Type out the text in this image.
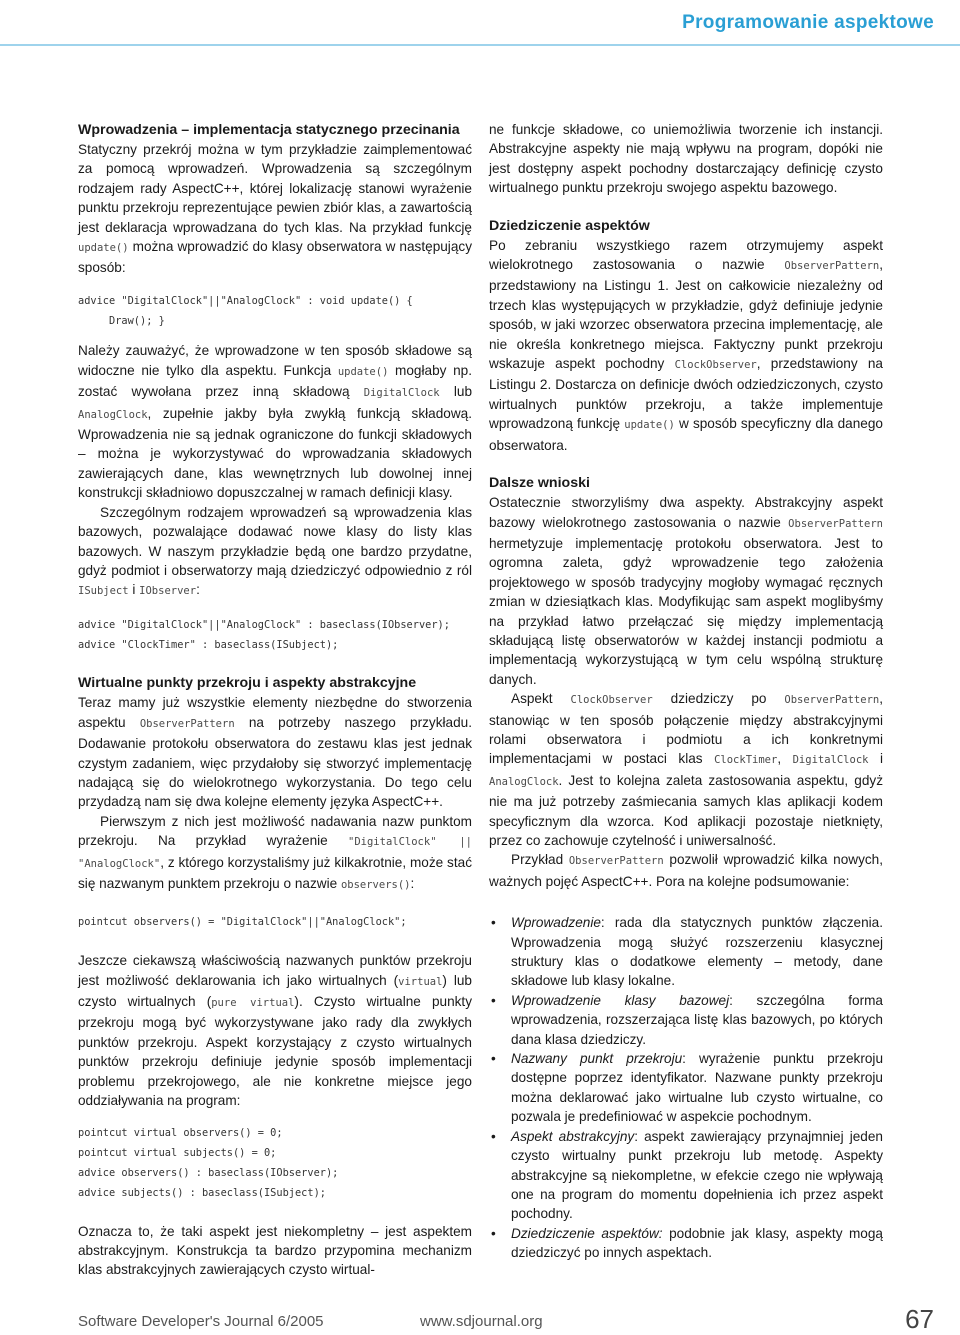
Programowanie aspektowe
Wprowadzenia – implementacja statycznego przecinania

Statyczny przekrój można w tym przykładzie zaimplementować za pomocą wprowadzeń. Wprowadzenia są szczególnym rodzajem rady AspectC++, której lokalizację stanowi wyrażenie punktu przekroju reprezentujące pewien zbiór klas, a zawartością jest deklaracja wprowadzana do tych klas. Na przykład funkcję update() można wprowadzić do klasy obserwatora w następujący sposób:

advice "DigitalClock"||"AnalogClock" : void update() {
Draw(); }

Należy zauważyć, że wprowadzone w ten sposób składowe są widoczne nie tylko dla aspektu. Funkcja update() mogłaby np. zostać wywołana przez inną składową DigitalClock lub AnalogClock, zupełnie jakby była zwykłą funkcją składową. Wprowadzenia nie są jednak ograniczone do funkcji składowych – można je wykorzystywać do wprowadzania składowych zawierających dane, klas wewnętrznych lub dowolnej innej konstrukcji składniowo dopuszczalnej w ramach definicji klasy.

Szczególnym rodzajem wprowadzeń są wprowadzenia klas bazowych, pozwalające dodawać nowe klasy do listy klas bazowych. W naszym przykładzie będą one bardzo przydatne, gdyż podmiot i obserwatorzy mają dziedziczyć odpowiednio z ról ISubject i IObserver:

advice "DigitalClock"||"AnalogClock" : baseclass(IObserver);
advice "ClockTimer" : baseclass(ISubject);
Wirtualne punkty przekroju i aspekty abstrakcyjne

Teraz mamy już wszystkie elementy niezbędne do stworzenia aspektu ObserverPattern na potrzeby naszego przykładu. Dodawanie protokołu obserwatora do zestawu klas jest jednak czystym zadaniem, więc przydałoby się stworzyć implementację nadającą się do wielokrotnego wykorzystania. Do tego celu przydadzą nam się dwa kolejne elementy języka AspectC++.

Pierwszym z nich jest możliwość nadawania nazw punktom przekroju. Na przykład wyrażenie "DigitalClock" || "AnalogClock", z którego korzystaliśmy już kilkakrotnie, może stać się nazwanym punktem przekroju o nazwie observers():

pointcut observers() = "DigitalClock"||"AnalogClock";

Jeszcze ciekawszą właściwością nazwanych punktów przekroju jest możliwość deklarowania ich jako wirtualnych (virtual) lub czysto wirtualnych (pure virtual). Czysto wirtualne punkty przekroju mogą być wykorzystywane jako rady dla zwykłych punktów przekroju. Aspekt korzystający z czysto wirtualnych punktów przekroju definiuje jedynie sposób implementacji problemu przekrojowego, ale nie konkretne miejsce jego oddziaływania na program:

pointcut virtual observers() = 0;
pointcut virtual subjects() = 0;
advice observers() : baseclass(IObserver);
advice subjects() : baseclass(ISubject);

Oznacza to, że taki aspekt jest niekompletny – jest aspektem abstrakcyjnym. Konstrukcja ta bardzo przypomina mechanizm klas abstrakcyjnych zawierających czysto wirtual-

ne funkcje składowe, co uniemożliwia tworzenie ich instancji. Abstrakcyjne aspekty nie mają wpływu na program, dopóki nie jest dostępny aspekt pochodny dostarczający definicję czysto wirtualnego punktu przekroju swojego aspektu bazowego.

Dziedziczenie aspektów

Po zebraniu wszystkiego razem otrzymujemy aspekt wielokrotnego zastosowania o nazwie ObserverPattern, przedstawiony na Listingu 1. Jest on całkowicie niezależny od trzech klas występujących w przykładzie, gdyż definiuje jedynie sposób, w jaki wzorzec obserwatora przecina implementację, ale nie określa konkretnego miejsca. Faktyczny punkt przekroju wskazuje aspekt pochodny ClockObserver, przedstawiony na Listingu 2. Dostarcza on definicje dwóch odziedziczonych, czysto wirtualnych punktów przekroju, a także implementuje wprowadzoną funkcję update() w sposób specyficzny dla danego obserwatora.

Dalsze wnioski

Ostatecznie stworzyliśmy dwa aspekty. Abstrakcyjny aspekt bazowy wielokrotnego zastosowania o nazwie ObserverPattern hermetyzuje implementację protokołu obserwatora. Jest to ogromna zaleta, gdyż wprowadzenie tego założenia projektowego w sposób tradycyjny mogłoby wymagać ręcznych zmian w dziesiątkach klas. Modyfikując sam aspekt moglibyśmy na przykład łatwo przełączać się między implementacją składującą listę obserwatorów w każdej instancji podmiotu a implementacją wykorzystującą w tym celu wspólną strukturę danych.

Aspekt ClockObserver dziedziczy po ObserverPattern, stanowiąc w ten sposób połączenie między abstrakcyjnymi rolami obserwatora i podmiotu a ich konkretnymi implementacjami w postaci klas ClockTimer, DigitalClock i AnalogClock. Jest to kolejna zaleta zastosowania aspektu, gdyż nie ma już potrzeby zaśmiecania samych klas aplikacji kodem specyficznym dla wzorca. Kod aplikacji pozostaje nietknięty, przez co zachowuje czytelność i uniwersalność.

Przykład ObserverPattern pozwolił wprowadzić kilka nowych, ważnych pojęć AspectC++. Pora na kolejne podsumowanie:

• Wprowadzenie: rada dla statycznych punktów złączenia. Wprowadzenia mogą służyć rozszerzeniu klasycznej struktury klas o dodatkowe elementy – metody, dane składowe lub klasy lokalne.
• Wprowadzenie klasy bazowej: szczególna forma wprowadzenia, rozszerzająca listę klas bazowych, po których dana klasa dziedziczy.
• Nazwany punkt przekroju: wyrażenie punktu przekroju dostępne poprzez identyfikator. Nazwane punkty przekroju można deklarować jako wirtualne lub czysto wirtualne, co pozwala je predefiniować w aspekcie pochodnym.
• Aspekt abstrakcyjny: aspekt zawierający przynajmniej jeden czysto wirtualny punkt przekroju lub metodę. Aspekty abstrakcyjne są niekompletne, w efekcie czego nie wpływają one na program do momentu dopełnienia ich przez aspekt pochodny.
• Dziedziczenie aspektów: podobnie jak klasy, aspekty mogą dziedziczyć po innych aspektach.
Software Developer's Journal 6/2005	www.sdjournal.org	67
